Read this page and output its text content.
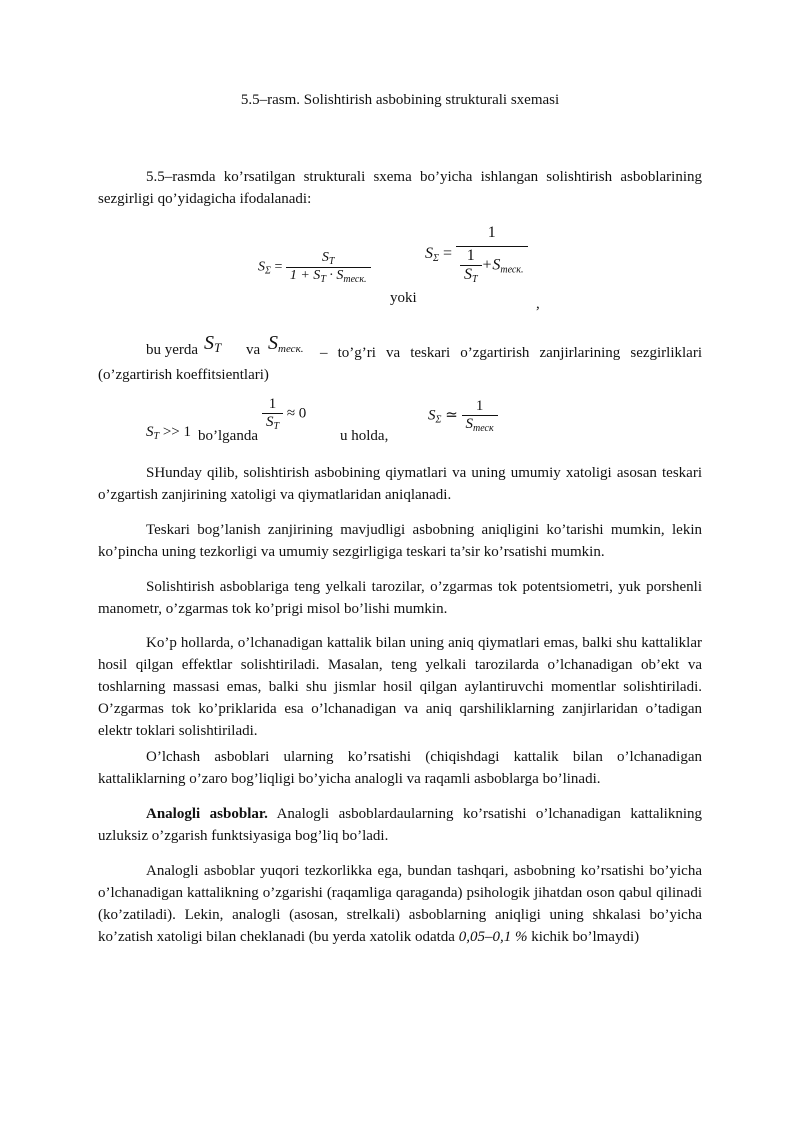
5.5–rasm. Solishtirish asbobining strukturali sxemasi

5.5–rasmda ko’rsatilgan strukturali sxema bo’yicha ishlangan solishtirish asboblarining sezgirligi qo’yidagicha ifodalanadi:

$S_\Sigma = \frac{S_T}{1 + S_T \cdot S_{теск.}}$
yoki
$S_\Sigma = \frac{1}{\frac{1}{S_T} +S_{теск.}}$
,
bu yerda $S_T$ va $S_{теск.}$	– to’g’ri va teskari o’zgartirish zanjirlarining sezgirliklari (o’zgartirish koeffitsientlari)

$S_T >> 1$ bo’lganda
$\frac{1}{S_T} \approx 0$
u holda,
$S_\Sigma$ ≃ $\frac{1}{S_{теск}}$

SHunday qilib, solishtirish asbobining qiymatlari va uning umumiy xatoligi asosan teskari o’zgartish zanjirining xatoligi va qiymatlaridan aniqlanadi.

Teskari bog’lanish zanjirining mavjudligi asbobning aniqligini ko’tarishi mumkin, lekin ko’pincha uning tezkorligi va umumiy sezgirligiga teskari ta’sir ko’rsatishi mumkin.

Solishtirish asboblariga teng yelkali tarozilar, o’zgarmas tok potentsiometri, yuk porshenli manometr, o’zgarmas tok ko’prigi misol bo’lishi mumkin.

Ko’p hollarda, o’lchanadigan kattalik bilan uning aniq qiymatlari emas, balki shu kattaliklar hosil qilgan effektlar solishtiriladi. Masalan, teng yelkali tarozilarda o’lchanadigan ob’ekt va toshlarning massasi emas, balki shu jismlar hosil qilgan aylantiruvchi momentlar solishtiriladi. O’zgarmas tok ko’priklarida esa o’lchanadigan va aniq qarshiliklarning zanjirlaridan o’tadigan elektr toklari solishtiriladi.

O’lchash asboblari ularning ko’rsatishi (chiqishdagi kattalik bilan o’lchanadigan kattaliklarning o’zaro bog’liqligi bo’yicha analogli va raqamli asboblarga bo’linadi.

Analogli asboblar. Analogli asboblardaularning ko’rsatishi o’lchanadigan kattalikning uzluksiz o’zgarish funktsiyasiga bog’liq bo’ladi.

Analogli asboblar yuqori tezkorlikka ega, bundan tashqari, asbobning ko’rsatishi bo’yicha o’lchanadigan kattalikning o’zgarishi (raqamliga qaraganda) psihologik jihatdan oson qabul qilinadi (ko’zatiladi). Lekin, analogli (asosan, strelkali) asboblarning aniqligi uning shkalasi bo’yicha ko’zatish xatoligi bilan cheklanadi (bu yerda xatolik odatda 0,05–0,1 % kichik bo’lmaydi)
